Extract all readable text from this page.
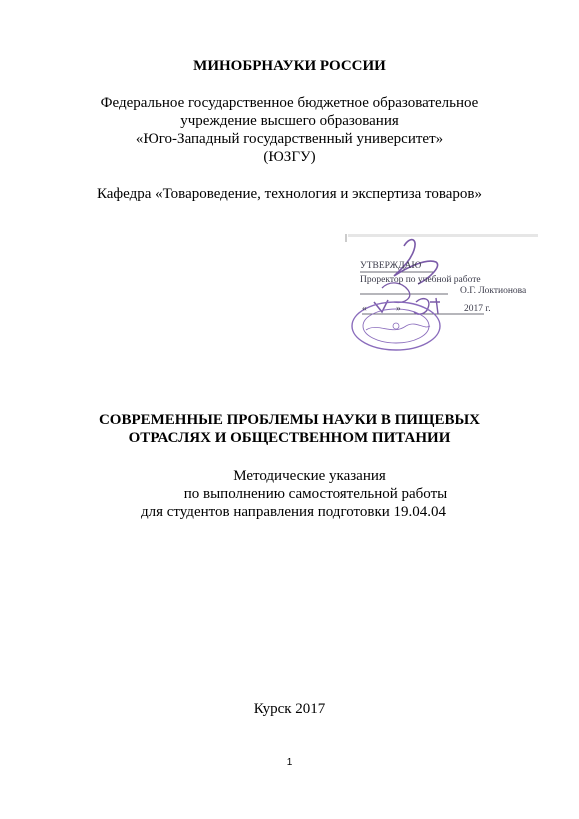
МИНОБРНАУКИ РОССИИ
Федеральное государственное бюджетное образовательное
учреждение высшего образования
«Юго-Западный государственный университет»
(ЮЗГУ)
Кафедра «Товароведение, технология и экспертиза товаров»
УТВЕРЖДАЮ
Проректор по учебной работе
О.Г. Локтионова
«	»	2017 г.
СОВРЕМЕННЫЕ ПРОБЛЕМЫ НАУКИ В ПИЩЕВЫХ
ОТРАСЛЯХ И ОБЩЕСТВЕННОМ ПИТАНИИ
Методические указания
по выполнению самостоятельной работы
для студентов направления подготовки 19.04.04
Курск 2017
1
